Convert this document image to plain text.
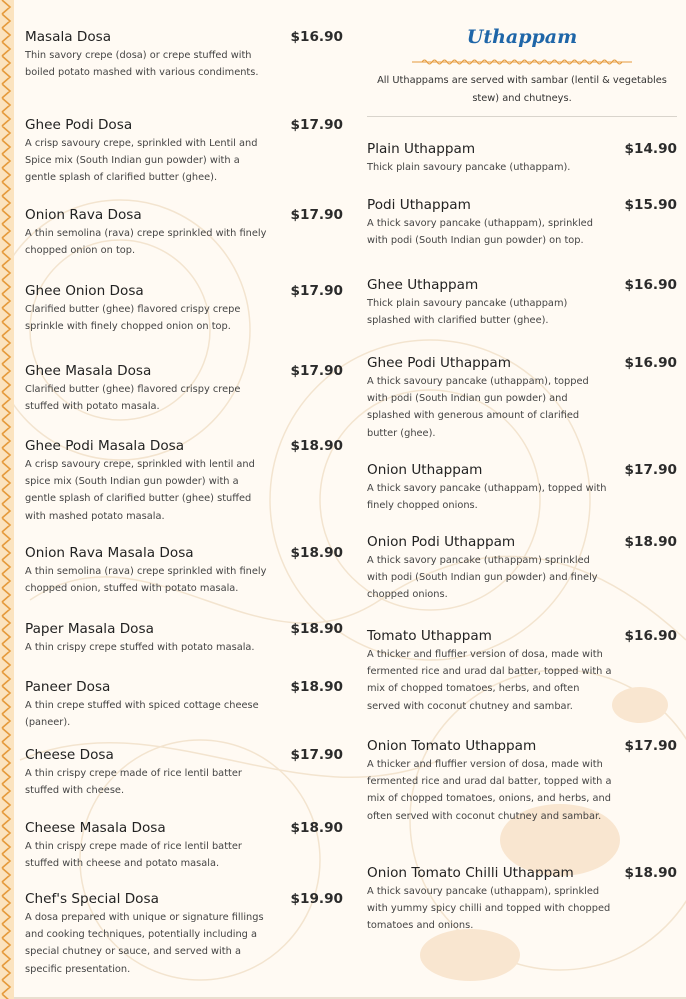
Masala Dosa	$16.90
Thin savory crepe (dosa) or crepe stuffed with boiled potato mashed with various condiments.
Ghee Podi Dosa	$17.90
A crisp savoury crepe, sprinkled with Lentil and Spice mix (South Indian gun powder) with a gentle splash of clarified butter (ghee).
Onion Rava Dosa	$17.90
A thin semolina (rava) crepe sprinkled with finely chopped onion on top.
Ghee Onion Dosa	$17.90
Clarified butter (ghee) flavored crispy crepe sprinkle with finely chopped onion on top.
Ghee Masala Dosa	$17.90
Clarified butter (ghee) flavored crispy crepe stuffed with potato masala.
Ghee Podi Masala Dosa	$18.90
A crisp savoury crepe, sprinkled with lentil and spice mix (South Indian gun powder) with a gentle splash of clarified butter (ghee) stuffed with mashed potato masala.
Onion Rava Masala Dosa	$18.90
A thin semolina (rava) crepe sprinkled with finely chopped onion, stuffed with potato masala.
Paper Masala Dosa	$18.90
A thin crispy crepe stuffed with potato masala.
Paneer Dosa	$18.90
A thin crepe stuffed with spiced cottage cheese (paneer).
Cheese Dosa	$17.90
A thin crispy crepe made of rice lentil batter stuffed with cheese.
Cheese Masala Dosa	$18.90
A thin crispy crepe made of rice lentil batter stuffed with cheese and potato masala.
Chef's Special Dosa	$19.90
A dosa prepared with unique or signature fillings and cooking techniques, potentially including a special chutney or sauce, and served with a specific presentation.
Uthappam
All Uthappams are served with sambar (lentil & vegetables stew) and chutneys.
Plain Uthappam	$14.90
Thick plain savoury pancake (uthappam).
Podi Uthappam	$15.90
A thick savory pancake (uthappam), sprinkled with podi (South Indian gun powder) on top.
Ghee Uthappam	$16.90
Thick plain savoury pancake (uthappam) splashed with clarified butter (ghee).
Ghee Podi Uthappam	$16.90
A thick savoury pancake (uthappam), topped with podi (South Indian gun powder) and splashed with generous amount of clarified butter (ghee).
Onion Uthappam	$17.90
A thick savory pancake (uthappam), topped with finely chopped onions.
Onion Podi Uthappam	$18.90
A thick savory pancake (uthappam) sprinkled with podi (South Indian gun powder) and finely chopped onions.
Tomato Uthappam	$16.90
A thicker and fluffier version of dosa, made with fermented rice and urad dal batter, topped with a mix of chopped tomatoes, herbs, and often served with coconut chutney and sambar.
Onion Tomato Uthappam	$17.90
A thicker and fluffier version of dosa, made with fermented rice and urad dal batter, topped with a mix of chopped tomatoes, onions, and herbs, and often served with coconut chutney and sambar.
Onion Tomato Chilli Uthappam	$18.90
A thick savoury pancake (uthappam), sprinkled with yummy spicy chilli and topped with chopped tomatoes and onions.
